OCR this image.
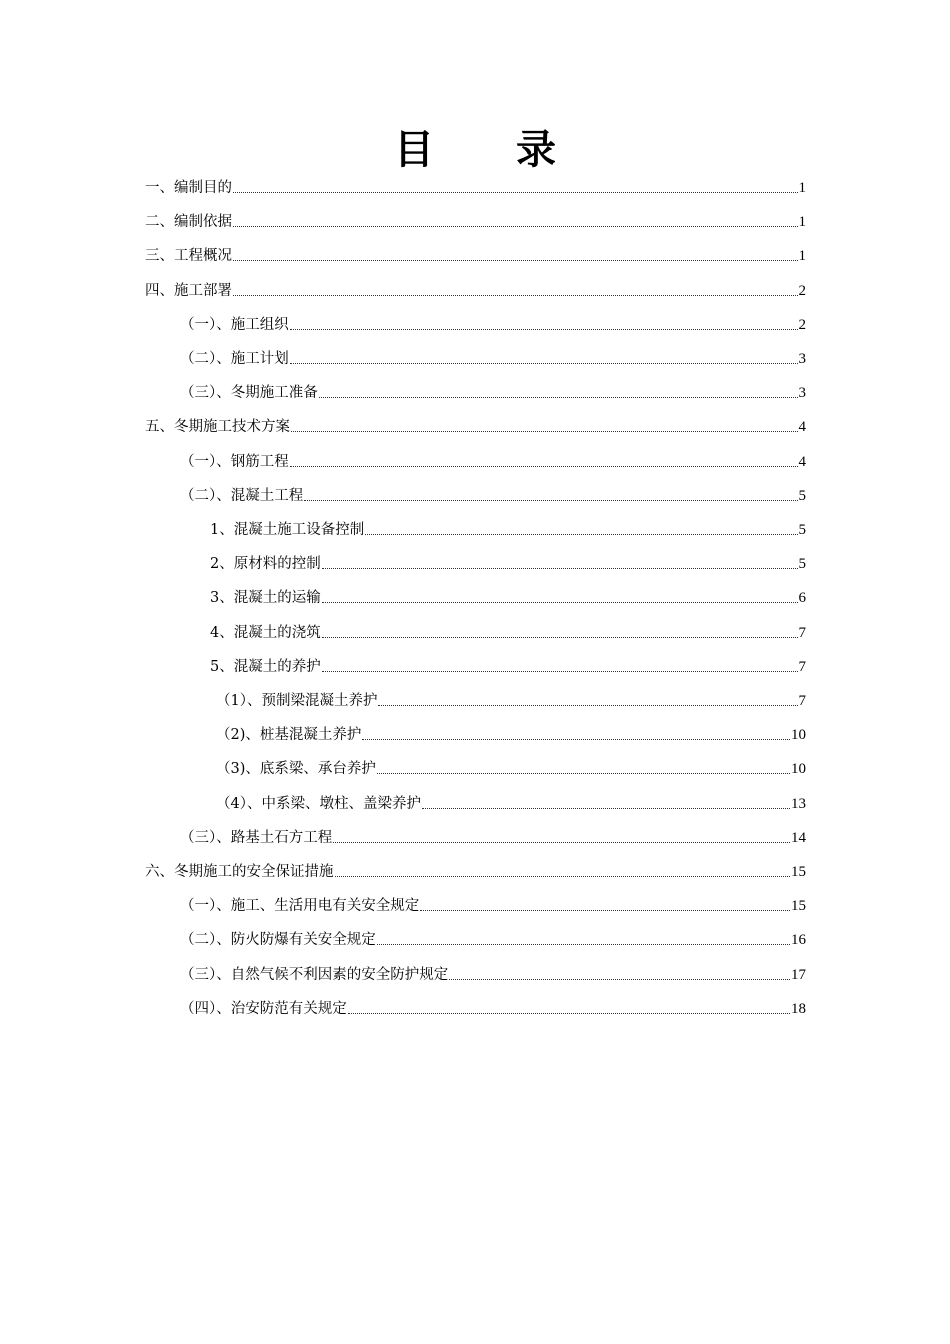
目 录
一、编制目的	1
二、编制依据	1
三、工程概况	1
四、施工部署	2
（一）、施工组织	2
（二）、施工计划	3
（三）、冬期施工准备	3
五、冬期施工技术方案	4
（一）、钢筋工程	4
（二）、混凝土工程	5
1、混凝土施工设备控制	5
2、原材料的控制	5
3、混凝土的运输	6
4、混凝土的浇筑	7
5、混凝土的养护	7
（1）、预制梁混凝土养护	7
（2)、桩基混凝土养护	10
（3)、底系梁、承台养护	10
（4）、中系梁、墩柱、盖梁养护	13
（三）、路基土石方工程	14
六、冬期施工的安全保证措施	15
（一）、施工、生活用电有关安全规定	15
（二）、防火防爆有关安全规定	16
（三）、自然气候不利因素的安全防护规定	17
（四）、治安防范有关规定	18
